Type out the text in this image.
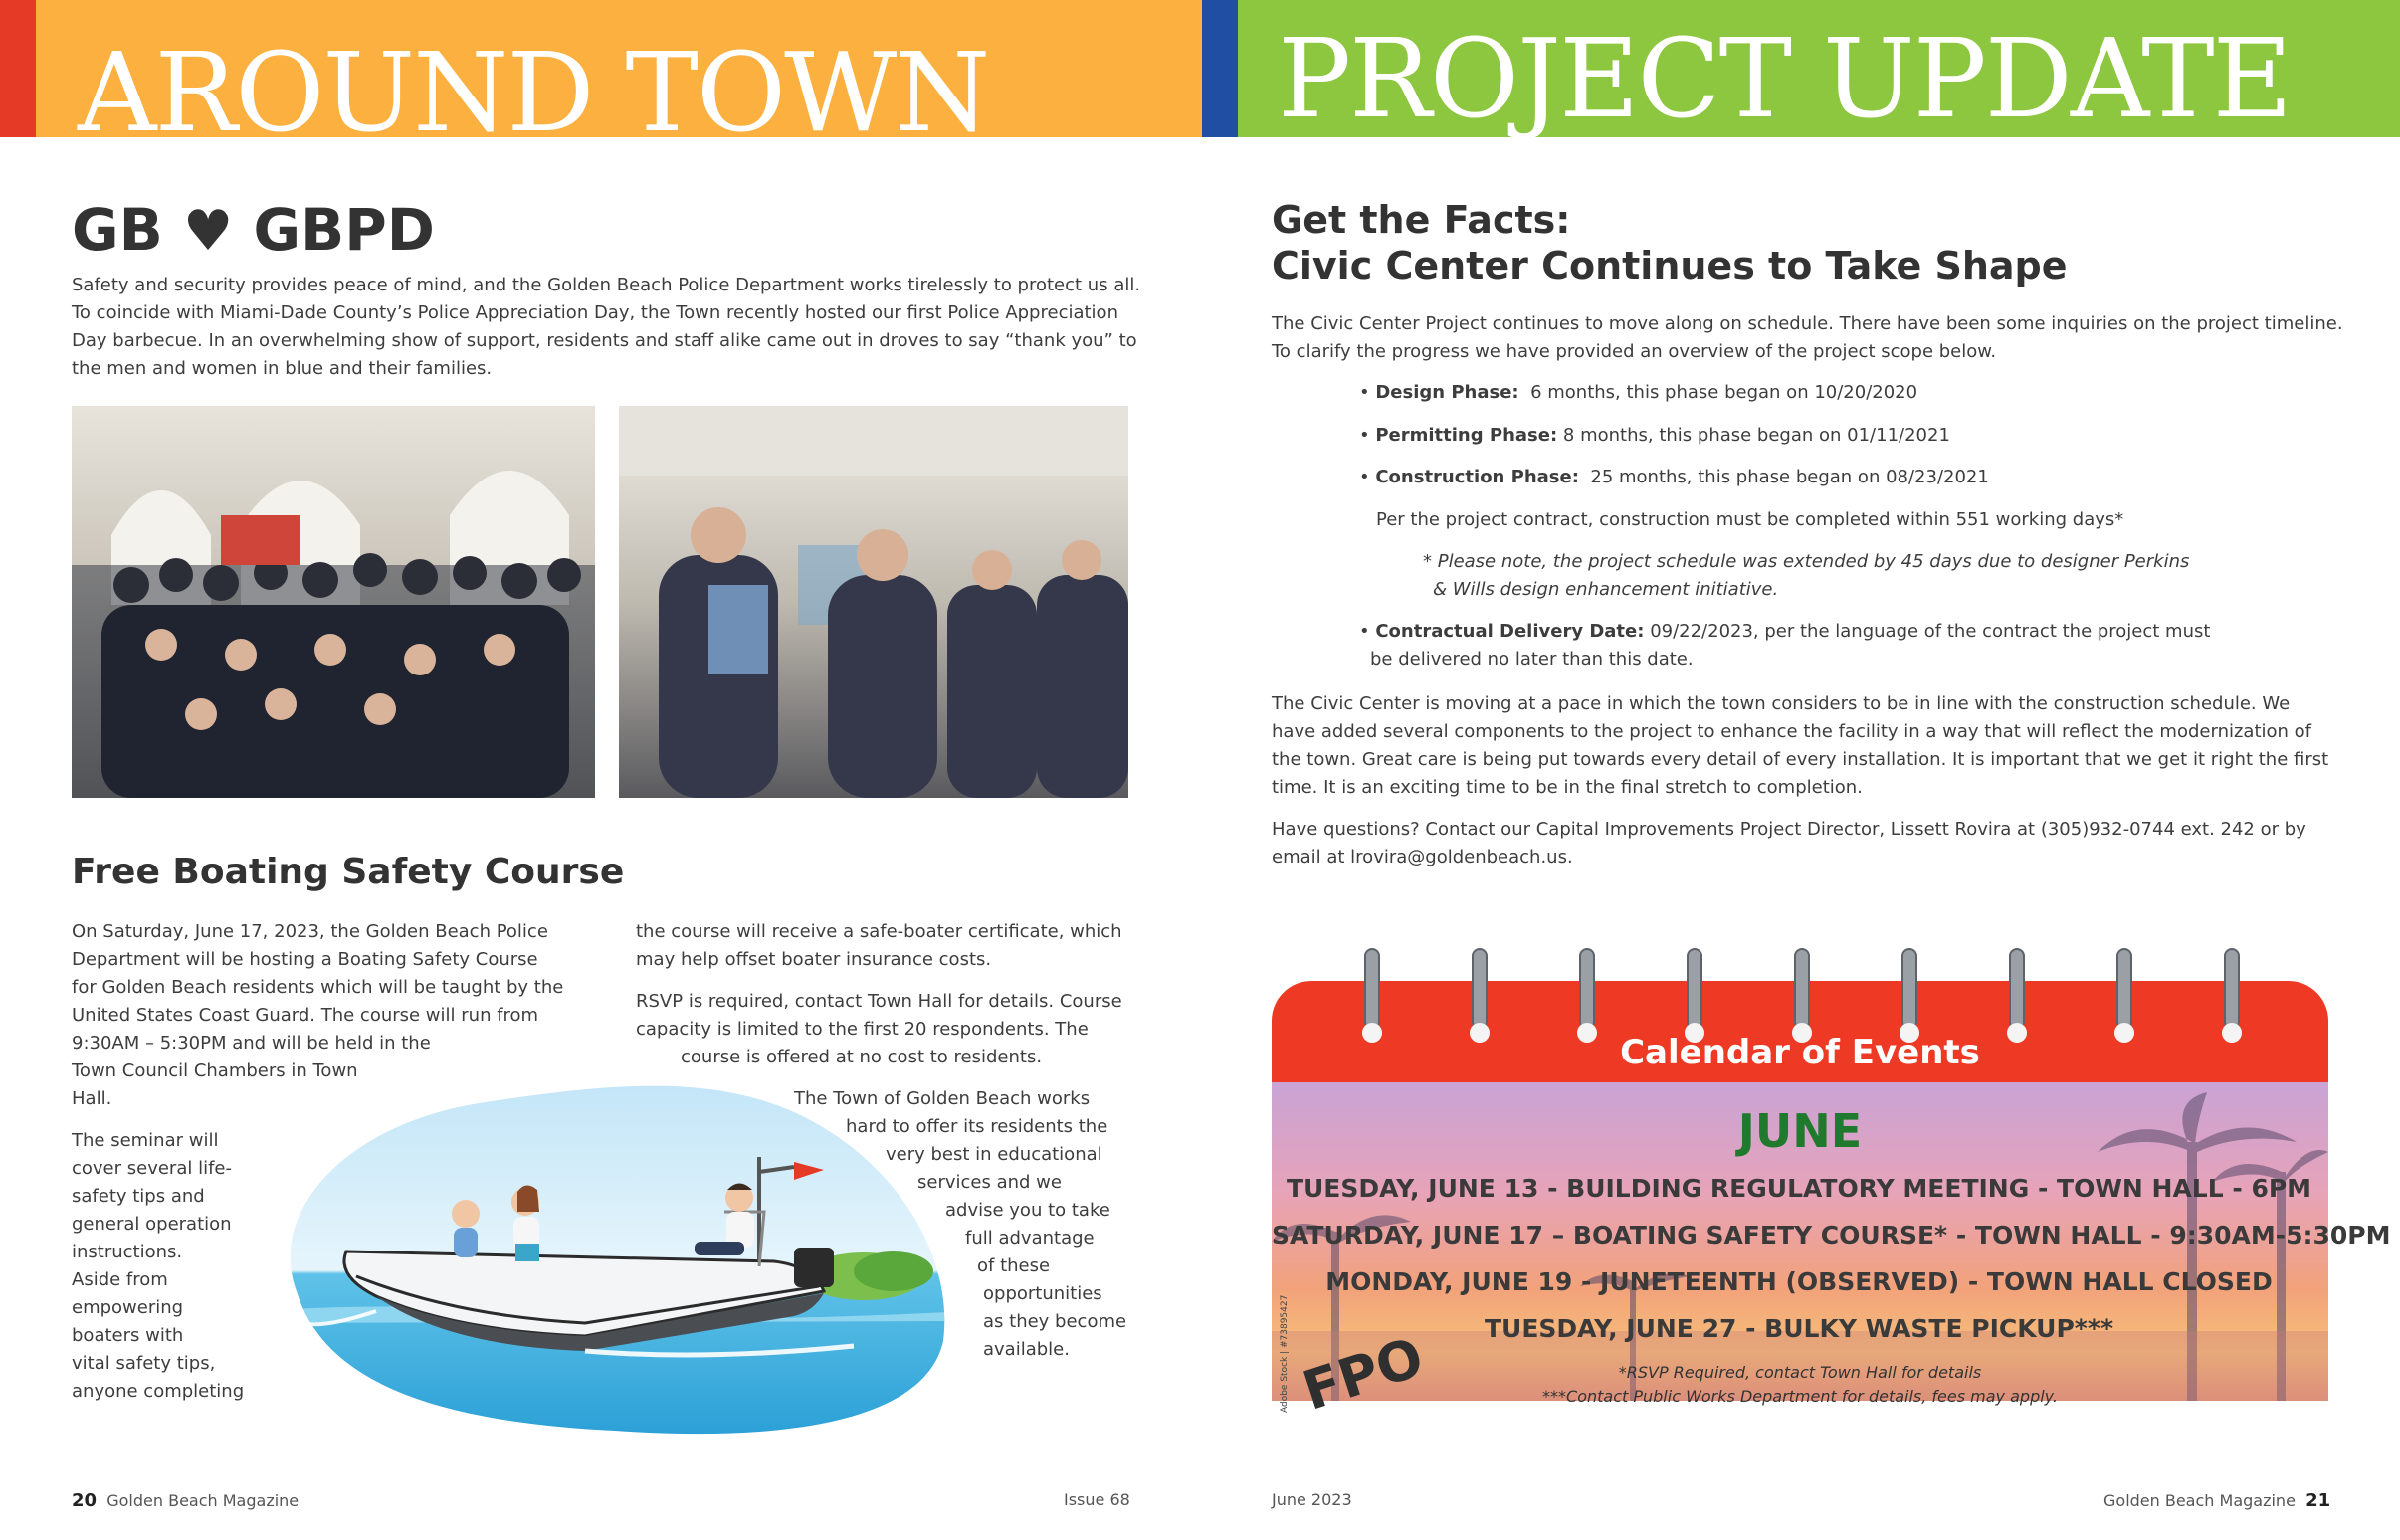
AROUND TOWN	PROJECT UPDATE
GB ♥ GBPD
Safety and security provides peace of mind, and the Golden Beach Police Department works tirelessly to protect us all.
To coincide with Miami-Dade County’s Police Appreciation Day, the Town recently hosted our first Police Appreciation
Day barbecue. In an overwhelming show of support, residents and staff alike came out in droves to say “thank you” to
the men and women in blue and their families.
Free Boating Safety Course
On Saturday, June 17, 2023, the Golden Beach Police
Department will be hosting a Boating Safety Course
for Golden Beach residents which will be taught by the
United States Coast Guard. The course will run from
9:30AM – 5:30PM and will be held in the
Town Council Chambers in Town
Hall.
The seminar will
cover several life-
safety tips and
general operation
instructions.
Aside from
empowering
boaters with
vital safety tips,
anyone completing
the course will receive a safe-boater certificate, which
may help offset boater insurance costs.
RSVP is required, contact Town Hall for details. Course
capacity is limited to the first 20 respondents. The
course is offered at no cost to residents.
The Town of Golden Beach works
hard to offer its residents the
very best in educational
services and we
advise you to take
full advantage
of these
opportunities
as they become
available.
Get the Facts:
Civic Center Continues to Take Shape
The Civic Center Project continues to move along on schedule. There have been some inquiries on the project timeline.
To clarify the progress we have provided an overview of the project scope below.
• Design Phase: 6 months, this phase began on 10/20/2020
• Permitting Phase: 8 months, this phase began on 01/11/2021
• Construction Phase: 25 months, this phase began on 08/23/2021
Per the project contract, construction must be completed within 551 working days*
* Please note, the project schedule was extended by 45 days due to designer Perkins
& Wills design enhancement initiative.
• Contractual Delivery Date: 09/22/2023, per the language of the contract the project must
be delivered no later than this date.
The Civic Center is moving at a pace in which the town considers to be in line with the construction schedule. We
have added several components to the project to enhance the facility in a way that will reflect the modernization of
the town. Great care is being put towards every detail of every installation. It is important that we get it right the first
time. It is an exciting time to be in the final stretch to completion.
Have questions? Contact our Capital Improvements Project Director, Lissett Rovira at (305)932-0744 ext. 242 or by
email at lrovira@goldenbeach.us.
Calendar of Events
JUNE
TUESDAY, JUNE 13 - BUILDING REGULATORY MEETING - TOWN HALL - 6PM
SATURDAY, JUNE 17 – BOATING SAFETY COURSE* - TOWN HALL - 9:30AM-5:30PM
MONDAY, JUNE 19 - JUNETEENTH (OBSERVED) - TOWN HALL CLOSED
TUESDAY, JUNE 27 - BULKY WASTE PICKUP***
*RSVP Required, contact Town Hall for details
***Contact Public Works Department for details, fees may apply.
FPO
Adobe Stock | #73895427
20 Golden Beach Magazine	Issue 68	June 2023	Golden Beach Magazine 21
